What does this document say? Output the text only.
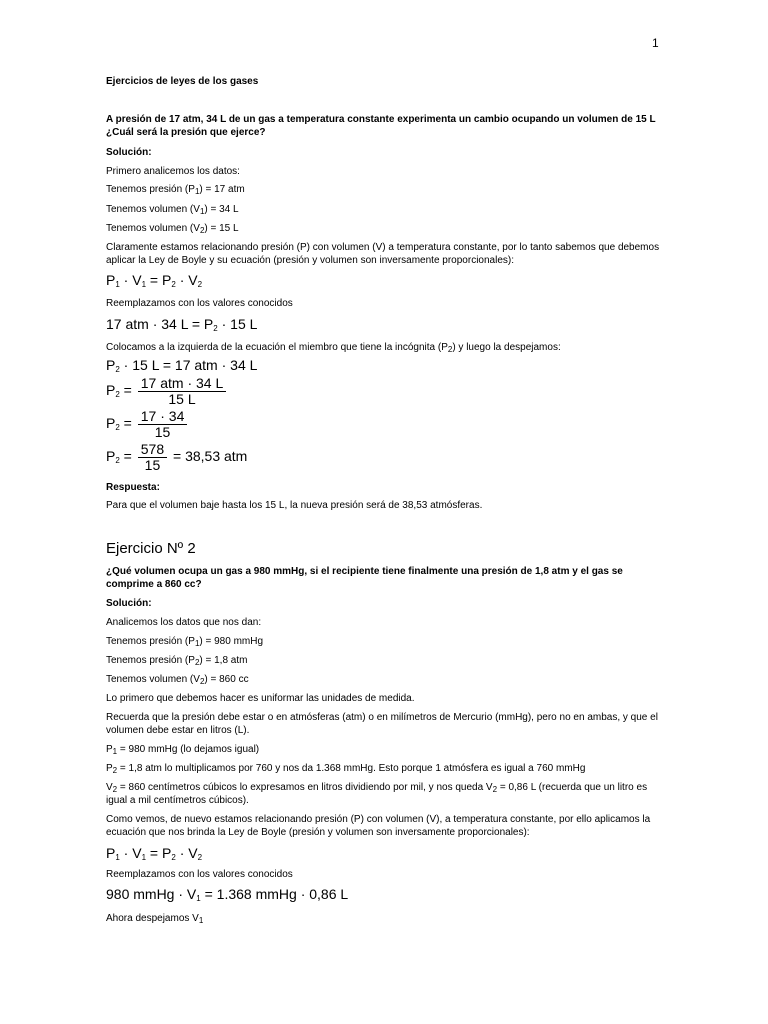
1
Ejercicios de leyes de los gases
A presión de 17 atm, 34 L de un gas a temperatura constante experimenta un cambio ocupando un volumen de 15 L ¿Cuál será la presión que ejerce?
Solución:
Primero analicemos los datos:
Tenemos presión $(P_1) = 17$ atm
Tenemos volumen $(V_1) = 34$ L
Tenemos volumen $(V_2) = 15$ L
Claramente estamos relacionando presión (P) con volumen (V) a temperatura constante, por lo tanto sabemos que debemos aplicar la Ley de Boyle y su ecuación (presión y volumen son inversamente proporcionales):
$P_1 \cdot V_1 = P_2 \cdot V_2$
Reemplazamos con los valores conocidos
17 atm · 34 $L = P_2 \cdot 15$ L
Colocamos a la izquierda de la ecuación el miembro que tiene la incógnita $(P_2)$ y luego la despejamos:
$P_2 \cdot 15$ L = 17 atm · 34 L
$P_2 = \frac{\text{17 atm · 34 L}}{15 L}$
$P_2 = \frac{17 \cdot 34}{15}$
$P_2 = \frac{578}{15} = 38,53$ atm
Respuesta:
Para que el volumen baje hasta los 15 L, la nueva presión será de 38,53 atmósferas.
Ejercicio Nº 2
¿Qué volumen ocupa un gas a 980 mmHg, si el recipiente tiene finalmente una presión de 1,8 atm y el gas se comprime a 860 cc?
Solución:
Analicemos los datos que nos dan:
Tenemos presión $(P_1) = 980$ mmHg
Tenemos presión $(P_2) = 1,8$ atm
Tenemos volumen $(V_2) = 860$ cc
Lo primero que debemos hacer es uniformar las unidades de medida.
Recuerda que la presión debe estar o en atmósferas (atm) o en milímetros de Mercurio (mmHg), pero no en ambas, y que el volumen debe estar en litros (L).
$P_1 = 980$ mmHg (lo dejamos igual)
$P_2 = 1,8$ atm lo multiplicamos por 760 y nos da 1.368 mmHg. Esto porque 1 atmósfera es igual a 760 mmHg
$V_2 = 860$ centímetros cúbicos lo expresamos en litros dividiendo por mil, y nos queda $V_2 = 0,86$ L (recuerda que un litro es igual a mil centímetros cúbicos).
Como vemos, de nuevo estamos relacionando presión (P) con volumen (V), a temperatura constante, por ello aplicamos la ecuación que nos brinda la Ley de Boyle (presión y volumen son inversamente proporcionales):
$P_1 \cdot V_1 = P_2 \cdot V_2$
Reemplazamos con los valores conocidos
980 mmHg · $V_1 = 1.368$ mmHg · 0,86 L
Ahora despejamos $V_1$
